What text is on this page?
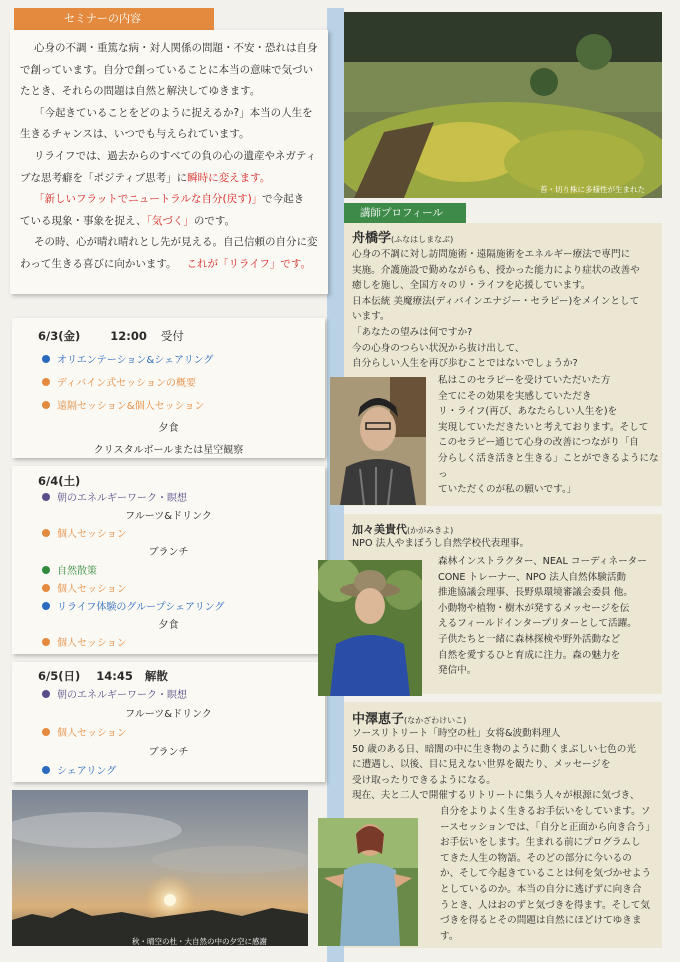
セミナーの内容

心身の不調・重篤な病・対人関係の問題・不安・恐れは自身

で創っています。自分で創っていることに本当の意味で気づい

たとき、それらの問題は自然と解決してゆきます。

「今起きていることをどのように捉えるか?」本当の人生を

生きるチャンスは、いつでも与えられています。

リライフでは、過去からのすべての負の心の遺産やネガティ

ブな思考癖を「ポジティブ思考」に瞬時に変えます。

「新しいフラットでニュートラルな自分(戻す)」で今起き

ている現象・事象を捉え、「気づく」のです。

その時、心が晴れ晴れとし先が見える。自己信頼の自分に変

わって生きる喜びに向かいます。 これが「リライフ」です。

6/3(金)	12:00 受付
オリエンテーション&シェアリング
ディバイン式セッションの概要
遠隔セッション&個人セッション
夕食
クリスタルボールまたは星空観察
6/4(土)
朝のエネルギーワーク・瞑想
フルーツ&ドリンク
個人セッション
ブランチ
自然散策
個人セッション
リライフ体験のグループシェアリング
夕食
個人セッション
6/5(日) 14:45 解散
朝のエネルギーワーク・瞑想
フルーツ&ドリンク
個人セッション
ブランチ
シェアリング
秋・晴空の杜・大自然の中の夕空に感謝
苔・切り株に多様性が生まれた
講師プロフィール
舟橋学(ふなはしまなぶ)
心身の不調に対し訪問施術・遠隔施術をエネルギー療法で専門に
実施。介護施設で勤めながらも、授かった能力により症状の改善や
癒しを施し、全国方々のリ・ライフを応援しています。
日本伝統 美魔療法(ディバインエナジー・セラピー)をメインとして
います。
「あなたの望みは何ですか?
今の心身のつらい状況から抜け出して、
自分らしい人生を再び歩むことではないでしょうか?
私はこのセラピーを受けていただいた方
全てにその効果を実感していただき
リ・ライフ(再び、あなたらしい人生を)を
実現していただきたいと考えております。そして
このセラピー通じて心身の改善につながり「自
分らしく活き活きと生きる」ことができるようになっ
ていただくのが私の願いです。」
加々美貴代(かがみきよ)
NPO 法人やまぼうし自然学校代表理事。
森林インストラクター、NEAL コーディネーター
CONE トレーナー、NPO 法人自然体験活動
推進協議会理事、長野県環境審議会委員 他。
小動物や植物・樹木が発するメッセージを伝
えるフィールドインタープリターとして活躍。
子供たちと一緒に森林探検や野外活動など
自然を愛するひと育成に注力。森の魅力を
発信中。
中澤恵子(なかざわけいこ)
ソースリトリート「時空の杜」女将&波動料理人
50 歳のある日、暗闇の中に生き物のように動くまぶしい七色の光
に遭遇し、以後、目に見えない世界を観たり、メッセージを
受け取ったりできるようになる。
現在、夫と二人で開催するリトリートに集う人々が根源に気づき、
自分をよりよく生きるお手伝いをしています。ソ
ースセッションでは、「自分と正面から向き合う」
お手伝いをします。生まれる前にプログラムし
てきた人生の物語。そのどの部分に今いるの
か、そして今起きていることは何を気づかせよう
としているのか。本当の自分に逃げずに向き合
うとき、人はおのずと気づきを得ます。そして気
づきを得るとその問題は自然にほどけてゆきま
す。
